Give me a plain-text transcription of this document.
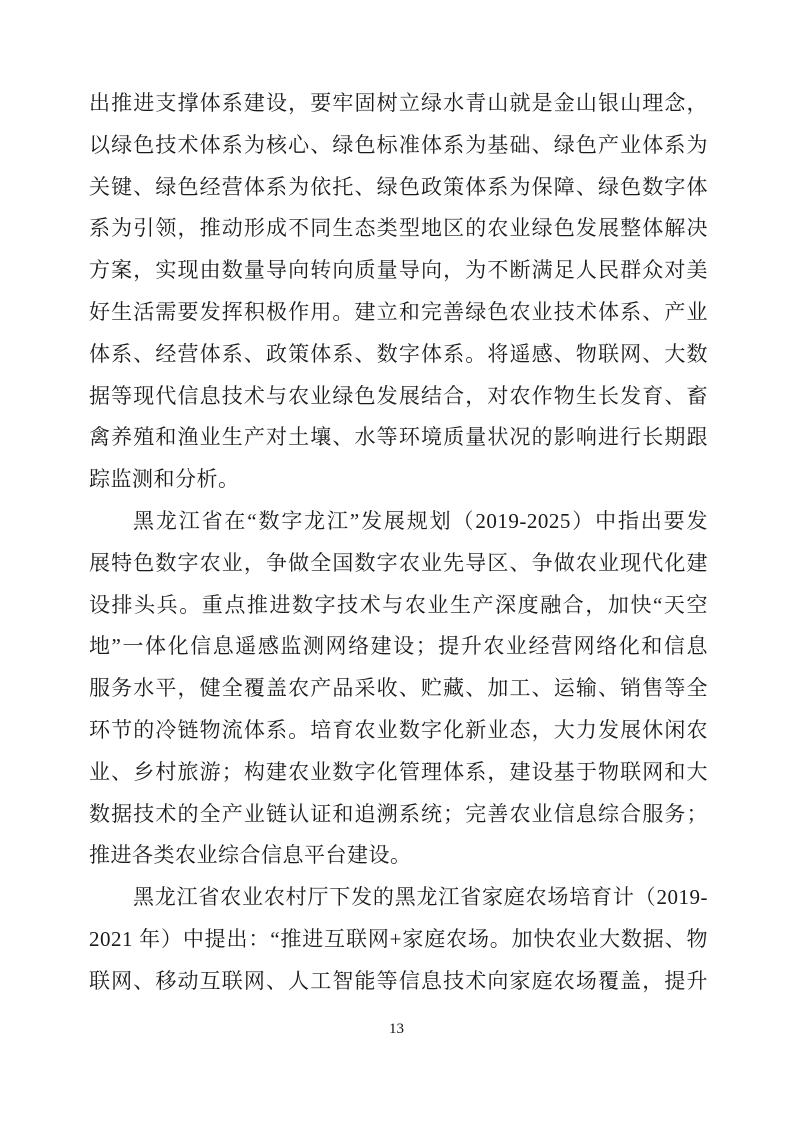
出推进支撑体系建设，要牢固树立绿水青山就是金山银山理念，
以绿色技术体系为核心、绿色标准体系为基础、绿色产业体系为
关键、绿色经营体系为依托、绿色政策体系为保障、绿色数字体
系为引领，推动形成不同生态类型地区的农业绿色发展整体解决
方案，实现由数量导向转向质量导向，为不断满足人民群众对美
好生活需要发挥积极作用。建立和完善绿色农业技术体系、产业
体系、经营体系、政策体系、数字体系。将遥感、物联网、大数
据等现代信息技术与农业绿色发展结合，对农作物生长发育、畜
禽养殖和渔业生产对土壤、水等环境质量状况的影响进行长期跟
踪监测和分析。
黑龙江省在“数字龙江”发展规划（2019-2025）中指出要发
展特色数字农业，争做全国数字农业先导区、争做农业现代化建
设排头兵。重点推进数字技术与农业生产深度融合，加快“天空
地”一体化信息遥感监测网络建设；提升农业经营网络化和信息
服务水平，健全覆盖农产品采收、贮藏、加工、运输、销售等全
环节的冷链物流体系。培育农业数字化新业态，大力发展休闲农
业、乡村旅游；构建农业数字化管理体系，建设基于物联网和大
数据技术的全产业链认证和追溯系统；完善农业信息综合服务；
推进各类农业综合信息平台建设。
黑龙江省农业农村厅下发的黑龙江省家庭农场培育计（2019-
2021 年）中提出：“推进互联网+家庭农场。加快农业大数据、物
联网、移动互联网、人工智能等信息技术向家庭农场覆盖，提升
13
